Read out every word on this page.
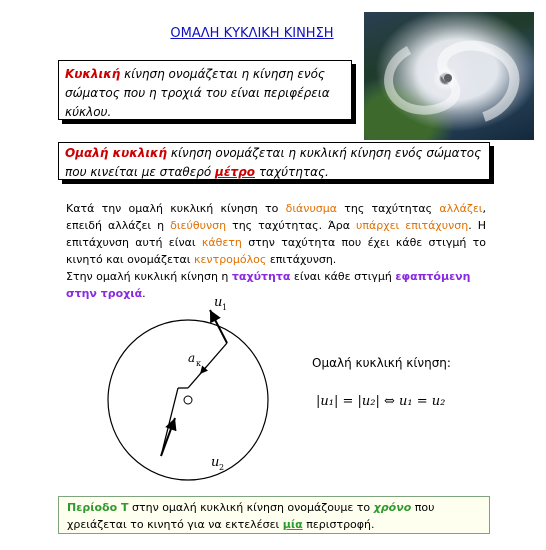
ΟΜΑΛΗ ΚΥΚΛΙΚΗ ΚΙΝΗΣΗ
Κυκλική κίνηση ονομάζεται η κίνηση ενός σώματος που η τροχιά του είναι περιφέρεια κύκλου.
Ομαλή κυκλική κίνηση ονομάζεται η κυκλική κίνηση ενός σώματος που κινείται με σταθερό μέτρο ταχύτητας.
Κατά την ομαλή κυκλική κίνηση το διάνυσμα της ταχύτητας αλλάζει, επειδή αλλάζει η διεύθυνση της ταχύτητας. Άρα υπάρχει επιτάχυνση. Η επιτάχυνση αυτή είναι κάθετη στην ταχύτητα που έχει κάθε στιγμή το κινητό και ονομάζεται κεντρομόλος επιτάχυνση.
Στην ομαλή κυκλική κίνηση η ταχύτητα είναι κάθε στιγμή εφαπτόμενη στην τροχιά.
u 1
u 2
a κ	Ομαλή κυκλική κίνηση:
|u₁| = |u₂| ⇔ u₁ = u₂
Περίοδο Τ στην ομαλή κυκλική κίνηση ονομάζουμε το χρόνο που χρειάζεται το κινητό για να εκτελέσει μία περιστροφή.
